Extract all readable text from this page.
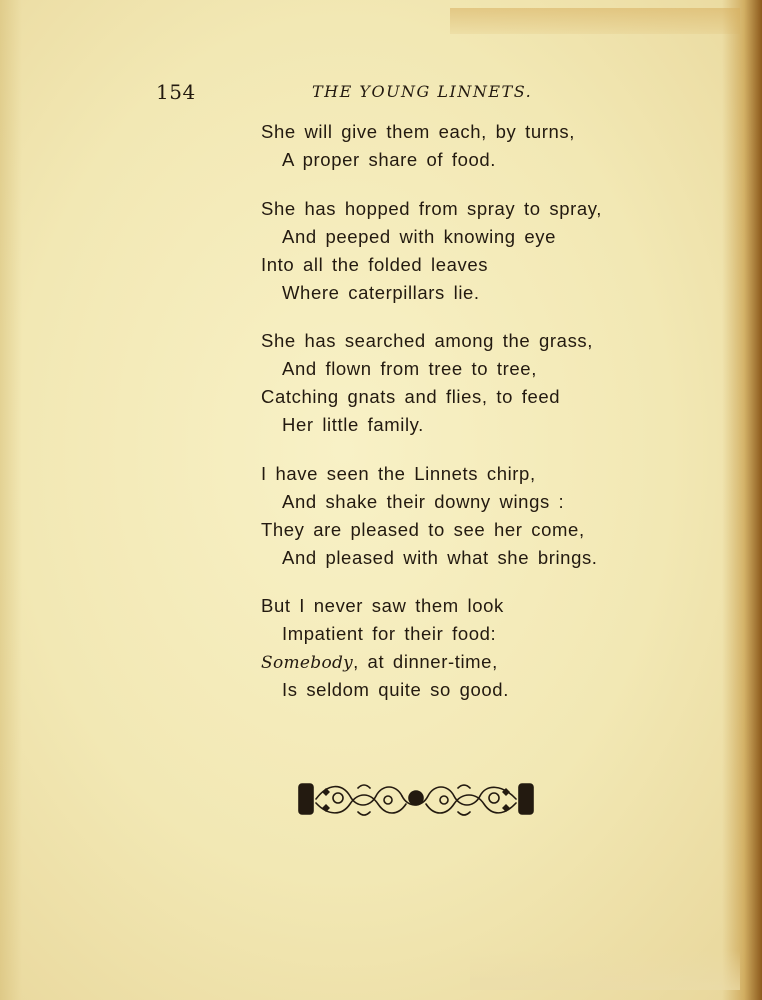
154	THE YOUNG LINNETS.
She will give them each, by turns,
A proper share of food.
She has hopped from spray to spray,
And peeped with knowing eye
Into all the folded leaves
Where caterpillars lie.
She has searched among the grass,
And flown from tree to tree,
Catching gnats and flies, to feed
Her little family.
I have seen the Linnets chirp,
And shake their downy wings :
They are pleased to see her come,
And pleased with what she brings.
But I never saw them look
Impatient for their food:
Somebody, at dinner-time,
Is seldom quite so good.
